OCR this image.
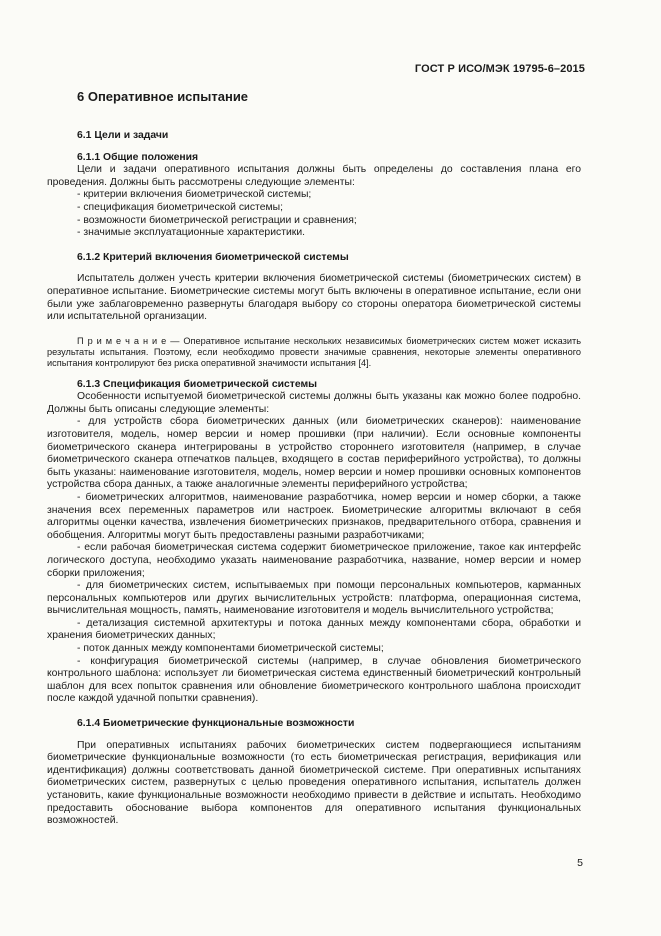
ГОСТ Р ИСО/МЭК 19795-6–2015
6 Оперативное испытание

6.1 Цели и задачи

6.1.1 Общие положения

Цели и задачи оперативного испытания должны быть определены до составления плана его проведения. Должны быть рассмотрены следующие элементы:

- критерии включения биометрической системы;

- спецификация биометрической системы;

- возможности биометрической регистрации и сравнения;

- значимые эксплуатационные характеристики.

6.1.2 Критерий включения биометрической системы

Испытатель должен учесть критерии включения биометрической системы (биометрических систем) в оперативное испытание. Биометрические системы могут быть включены в оперативное испытание, если они были уже заблаговременно развернуты благодаря выбору со стороны оператора биометрической системы или испытательной организации.

П р и м е ч а н и е — Оперативное испытание нескольких независимых биометрических систем может исказить результаты испытания. Поэтому, если необходимо провести значимые сравнения, некоторые элементы оперативного испытания контролируют без риска оперативной значимости испытания [4].

6.1.3 Спецификация биометрической системы

Особенности испытуемой биометрической системы должны быть указаны как можно более подробно. Должны быть описаны следующие элементы:

- для устройств сбора биометрических данных (или биометрических сканеров): наименование изготовителя, модель, номер версии и номер прошивки (при наличии). Если основные компоненты биометрического сканера интегрированы в устройство стороннего изготовителя (например, в случае биометрического сканера отпечатков пальцев, входящего в состав периферийного устройства), то должны быть указаны: наименование изготовителя, модель, номер версии и номер прошивки основных компонентов устройства сбора данных, а также аналогичные элементы периферийного устройства;

- биометрических алгоритмов, наименование разработчика, номер версии и номер сборки, а также значения всех переменных параметров или настроек. Биометрические алгоритмы включают в себя алгоритмы оценки качества, извлечения биометрических признаков, предварительного отбора, сравнения и обобщения. Алгоритмы могут быть предоставлены разными разработчиками;

- если рабочая биометрическая система содержит биометрическое приложение, такое как интерфейс логического доступа, необходимо указать наименование разработчика, название, номер версии и номер сборки приложения;

- для биометрических систем, испытываемых при помощи персональных компьютеров, карманных персональных компьютеров или других вычислительных устройств: платформа, операционная система, вычислительная мощность, память, наименование изготовителя и модель вычислительного устройства;

- детализация системной архитектуры и потока данных между компонентами сбора, обработки и хранения биометрических данных;

- поток данных между компонентами биометрической системы;

- конфигурация биометрической системы (например, в случае обновления биометрического контрольного шаблона: использует ли биометрическая система единственный биометрический контрольный шаблон для всех попыток сравнения или обновление биометрического контрольного шаблона происходит после каждой удачной попытки сравнения).

6.1.4 Биометрические функциональные возможности

При оперативных испытаниях рабочих биометрических систем подвергающиеся испытаниям биометрические функциональные возможности (то есть биометрическая регистрация, верификация или идентификация) должны соответствовать данной биометрической системе. При оперативных испытаниях биометрических систем, развернутых с целью проведения оперативного испытания, испытатель должен установить, какие функциональные возможности необходимо привести в действие и испытать. Необходимо предоставить обоснование выбора компонентов для оперативного испытания функциональных возможностей.

5
